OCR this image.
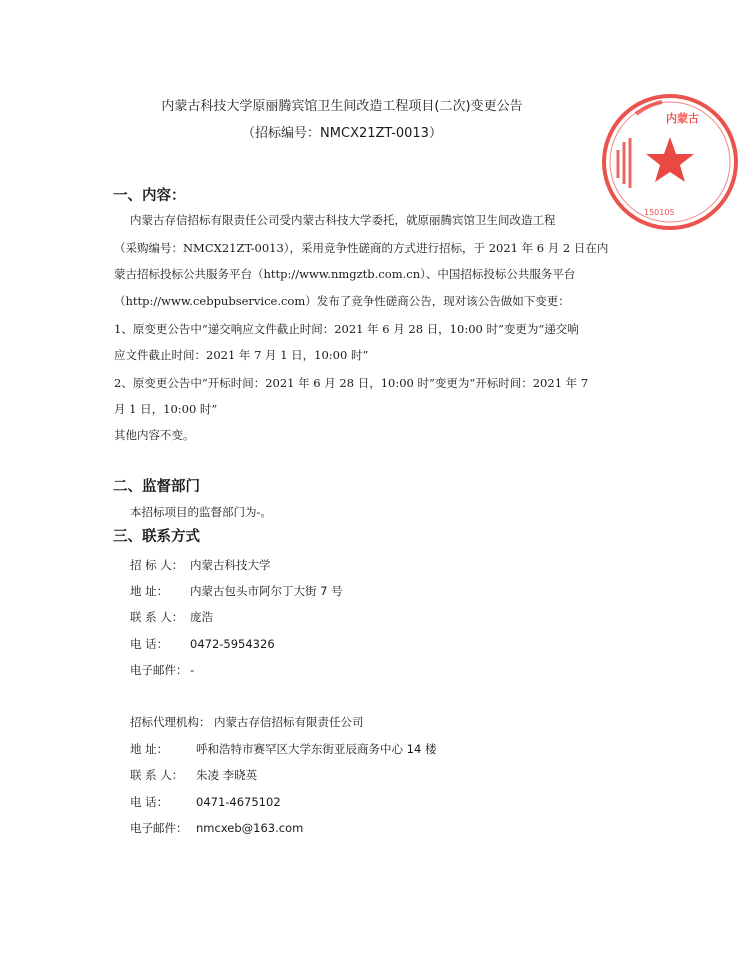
内蒙古科技大学原丽腾宾馆卫生间改造工程项目(二次)变更公告
（招标编号：NMCX21ZT-0013）
一、内容：
内蒙古存信招标有限责任公司受内蒙古科技大学委托，就原丽腾宾馆卫生间改造工程
（采购编号：NMCX21ZT-0013），采用竞争性磋商的方式进行招标，于 2021 年 6 月 2 日在内
蒙古招标投标公共服务平台（http://www.nmgztb.com.cn）、中国招标投标公共服务平台
（http://www.cebpubservice.com）发布了竞争性磋商公告，现对该公告做如下变更：
1、原变更公告中“递交响应文件截止时间：2021 年 6 月 28 日，10:00 时”变更为“递交响
应文件截止时间：2021 年 7 月 1 日，10:00 时”
2、原变更公告中“开标时间：2021 年 6 月 28 日，10:00 时”变更为“开标时间：2021 年 7
月 1 日，10:00 时”
其他内容不变。
二、监督部门
本招标项目的监督部门为-。
三、联系方式
招 标 人： 内蒙古科技大学
地 址： 内蒙古包头市阿尔丁大街 7 号
联 系 人： 庞浩
电 话： 0472-5954326
电子邮件： -
招标代理机构： 内蒙古存信招标有限责任公司
地 址： 呼和浩特市赛罕区大学东街亚辰商务中心 14 楼
联 系 人： 朱凌 李晓英
电 话： 0471-4675102
电子邮件： nmcxeb@163.com
内蒙古
150105
